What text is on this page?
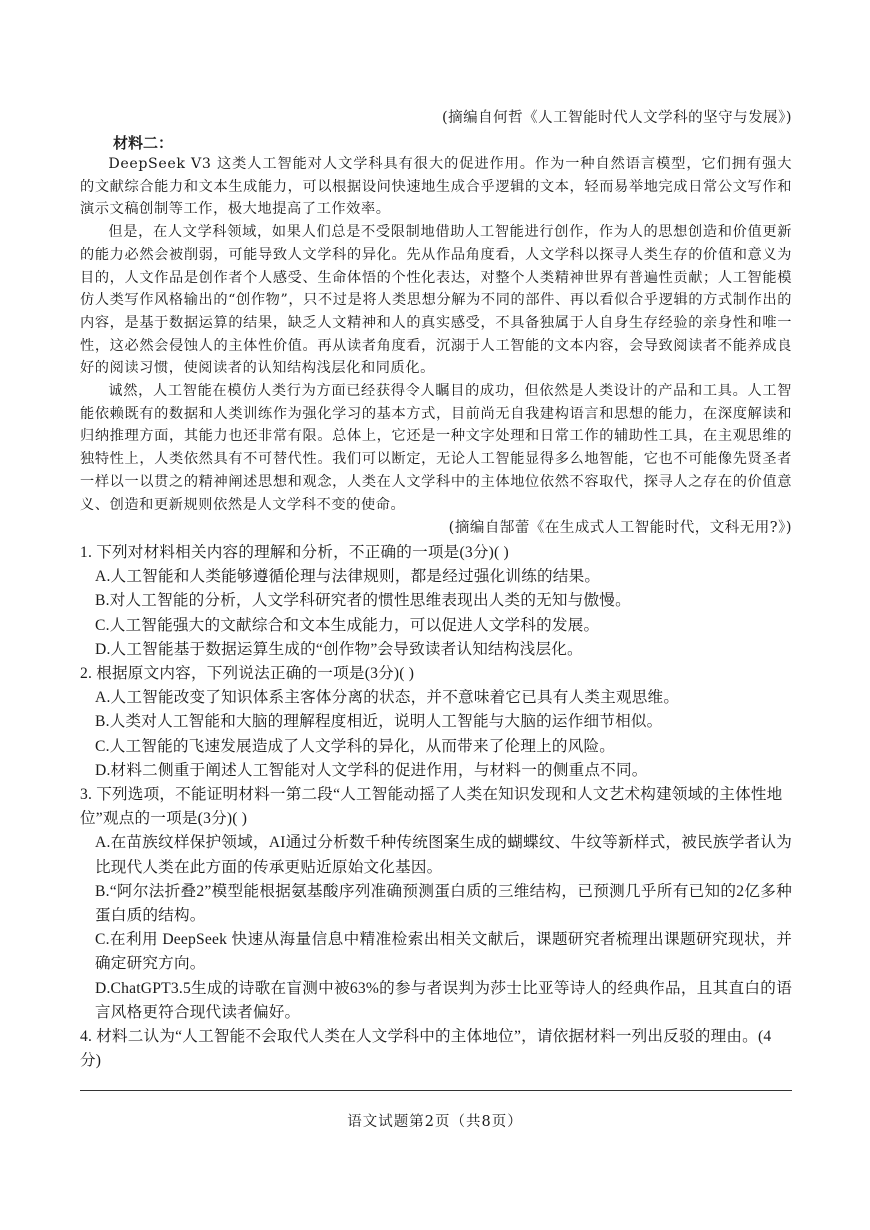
(摘编自何哲《人工智能时代人文学科的坚守与发展》)
材料二：

DeepSeek V3 这类人工智能对人文学科具有很大的促进作用。作为一种自然语言模型，它们拥有强大的文献综合能力和文本生成能力，可以根据设问快速地生成合乎逻辑的文本，轻而易举地完成日常公文写作和演示文稿创制等工作，极大地提高了工作效率。

但是，在人文学科领域，如果人们总是不受限制地借助人工智能进行创作，作为人的思想创造和价值更新的能力必然会被削弱，可能导致人文学科的异化。先从作品角度看，人文学科以探寻人类生存的价值和意义为目的，人文作品是创作者个人感受、生命体悟的个性化表达，对整个人类精神世界有普遍性贡献；人工智能模仿人类写作风格输出的“创作物”，只不过是将人类思想分解为不同的部件、再以看似合乎逻辑的方式制作出的内容，是基于数据运算的结果，缺乏人文精神和人的真实感受，不具备独属于人自身生存经验的亲身性和唯一性，这必然会侵蚀人的主体性价值。再从读者角度看，沉溺于人工智能的文本内容，会导致阅读者不能养成良好的阅读习惯，使阅读者的认知结构浅层化和同质化。

诚然，人工智能在模仿人类行为方面已经获得令人瞩目的成功，但依然是人类设计的产品和工具。人工智能依赖既有的数据和人类训练作为强化学习的基本方式，目前尚无自我建构语言和思想的能力，在深度解读和归纳推理方面，其能力也还非常有限。总体上，它还是一种文字处理和日常工作的辅助性工具，在主观思维的独特性上，人类依然具有不可替代性。我们可以断定，无论人工智能显得多么地智能，它也不可能像先贤圣者一样以一以贯之的精神阐述思想和观念，人类在人文学科中的主体地位依然不容取代，探寻人之存在的价值意义、创造和更新规则依然是人文学科不变的使命。

(摘编自郜蕾《在生成式人工智能时代，文科无用?》)

1. 下列对材料相关内容的理解和分析，不正确的一项是(3分)( )

A.人工智能和人类能够遵循伦理与法律规则，都是经过强化训练的结果。

B.对人工智能的分析，人文学科研究者的惯性思维表现出人类的无知与傲慢。

C.人工智能强大的文献综合和文本生成能力，可以促进人文学科的发展。

D.人工智能基于数据运算生成的“创作物”会导致读者认知结构浅层化。

2. 根据原文内容，下列说法正确的一项是(3分)( )

A.人工智能改变了知识体系主客体分离的状态，并不意味着它已具有人类主观思维。

B.人类对人工智能和大脑的理解程度相近，说明人工智能与大脑的运作细节相似。

C.人工智能的飞速发展造成了人文学科的异化，从而带来了伦理上的风险。

D.材料二侧重于阐述人工智能对人文学科的促进作用，与材料一的侧重点不同。

3. 下列选项，不能证明材料一第二段“人工智能动摇了人类在知识发现和人文艺术构建领域的主体性地位”观点的一项是(3分)( )

A.在苗族纹样保护领域，AI通过分析数千种传统图案生成的蝴蝶纹、牛纹等新样式，被民族学者认为比现代人类在此方面的传承更贴近原始文化基因。

B.“阿尔法折叠2”模型能根据氨基酸序列准确预测蛋白质的三维结构，已预测几乎所有已知的2亿多种蛋白质的结构。

C.在利用 DeepSeek 快速从海量信息中精准检索出相关文献后，课题研究者梳理出课题研究现状，并确定研究方向。

D.ChatGPT3.5生成的诗歌在盲测中被63%的参与者误判为莎士比亚等诗人的经典作品，且其直白的语言风格更符合现代读者偏好。

4. 材料二认为“人工智能不会取代人类在人文学科中的主体地位”，请依据材料一列出反驳的理由。(4分)

语文试题第2页（共8页）
